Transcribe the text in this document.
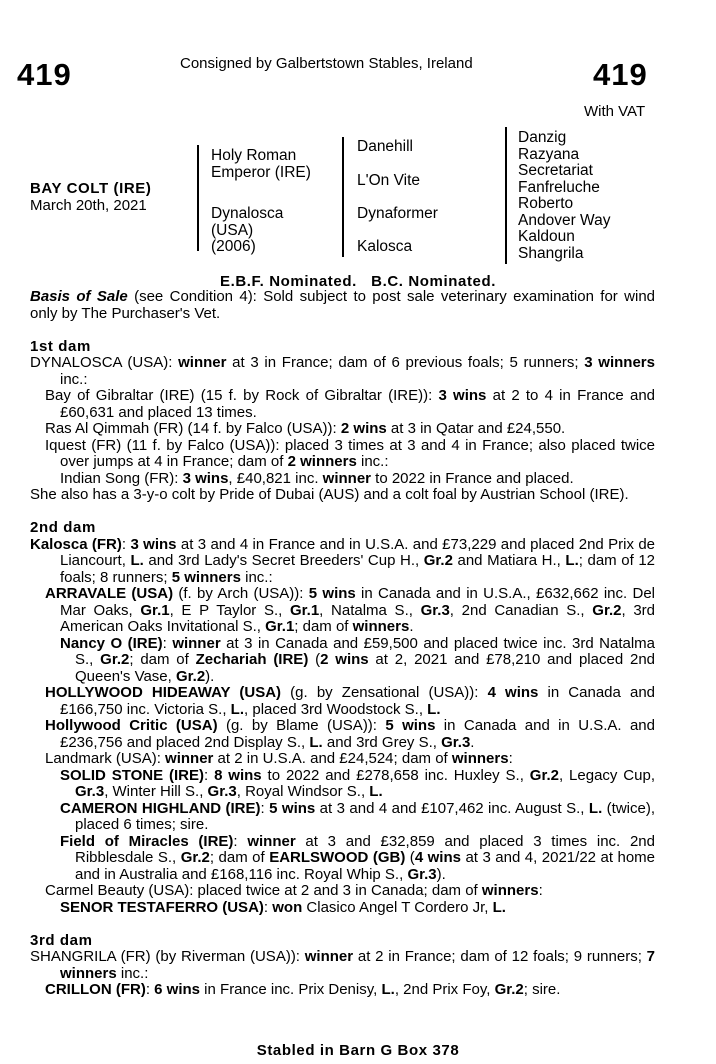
419	Consigned by Galbertstown Stables, Ireland	419
With VAT
BAY COLT (IRE)
March 20th, 2021
Holy Roman
Emperor (IRE)
Dynalosca
(USA)
(2006)
Danehill
L'On Vite
Dynaformer
Kalosca
Danzig
Razyana
Secretariat
Fanfreluche
Roberto
Andover Way
Kaldoun
Shangrila
E.B.F. Nominated.   B.C. Nominated.

Basis of Sale (see Condition 4): Sold subject to post sale veterinary examination for wind only by The Purchaser's Vet.

1st dam

DYNALOSCA (USA): winner at 3 in France; dam of 6 previous foals; 5 runners; 3 winners inc.:

Bay of Gibraltar (IRE) (15 f. by Rock of Gibraltar (IRE)): 3 wins at 2 to 4 in France and £60,631 and placed 13 times.

Ras Al Qimmah (FR) (14 f. by Falco (USA)): 2 wins at 3 in Qatar and £24,550.

Iquest (FR) (11 f. by Falco (USA)): placed 3 times at 3 and 4 in France; also placed twice over jumps at 4 in France; dam of 2 winners inc.:

Indian Song (FR): 3 wins, £40,821 inc. winner to 2022 in France and placed.

She also has a 3-y-o colt by Pride of Dubai (AUS) and a colt foal by Austrian School (IRE).

2nd dam

Kalosca (FR): 3 wins at 3 and 4 in France and in U.S.A. and £73,229 and placed 2nd Prix de Liancourt, L. and 3rd Lady's Secret Breeders' Cup H., Gr.2 and Matiara H., L.; dam of 12 foals; 8 runners; 5 winners inc.:

ARRAVALE (USA) (f. by Arch (USA)): 5 wins in Canada and in U.S.A., £632,662 inc. Del Mar Oaks, Gr.1, E P Taylor S., Gr.1, Natalma S., Gr.3, 2nd Canadian S., Gr.2, 3rd American Oaks Invitational S., Gr.1; dam of winners.

Nancy O (IRE): winner at 3 in Canada and £59,500 and placed twice inc. 3rd Natalma S., Gr.2; dam of Zechariah (IRE) (2 wins at 2, 2021 and £78,210 and placed 2nd Queen's Vase, Gr.2).

HOLLYWOOD HIDEAWAY (USA) (g. by Zensational (USA)): 4 wins in Canada and £166,750 inc. Victoria S., L., placed 3rd Woodstock S., L.

Hollywood Critic (USA) (g. by Blame (USA)): 5 wins in Canada and in U.S.A. and £236,756 and placed 2nd Display S., L. and 3rd Grey S., Gr.3.

Landmark (USA): winner at 2 in U.S.A. and £24,524; dam of winners:

SOLID STONE (IRE): 8 wins to 2022 and £278,658 inc. Huxley S., Gr.2, Legacy Cup, Gr.3, Winter Hill S., Gr.3, Royal Windsor S., L.

CAMERON HIGHLAND (IRE): 5 wins at 3 and 4 and £107,462 inc. August S., L. (twice), placed 6 times; sire.

Field of Miracles (IRE): winner at 3 and £32,859 and placed 3 times inc. 2nd Ribblesdale S., Gr.2; dam of EARLSWOOD (GB) (4 wins at 3 and 4, 2021/22 at home and in Australia and £168,116 inc. Royal Whip S., Gr.3).

Carmel Beauty (USA): placed twice at 2 and 3 in Canada; dam of winners:

SENOR TESTAFERRO (USA): won Clasico Angel T Cordero Jr, L.

3rd dam

SHANGRILA (FR) (by Riverman (USA)): winner at 2 in France; dam of 12 foals; 9 runners; 7 winners inc.:

CRILLON (FR): 6 wins in France inc. Prix Denisy, L., 2nd Prix Foy, Gr.2; sire.

Stabled in Barn G Box 378
